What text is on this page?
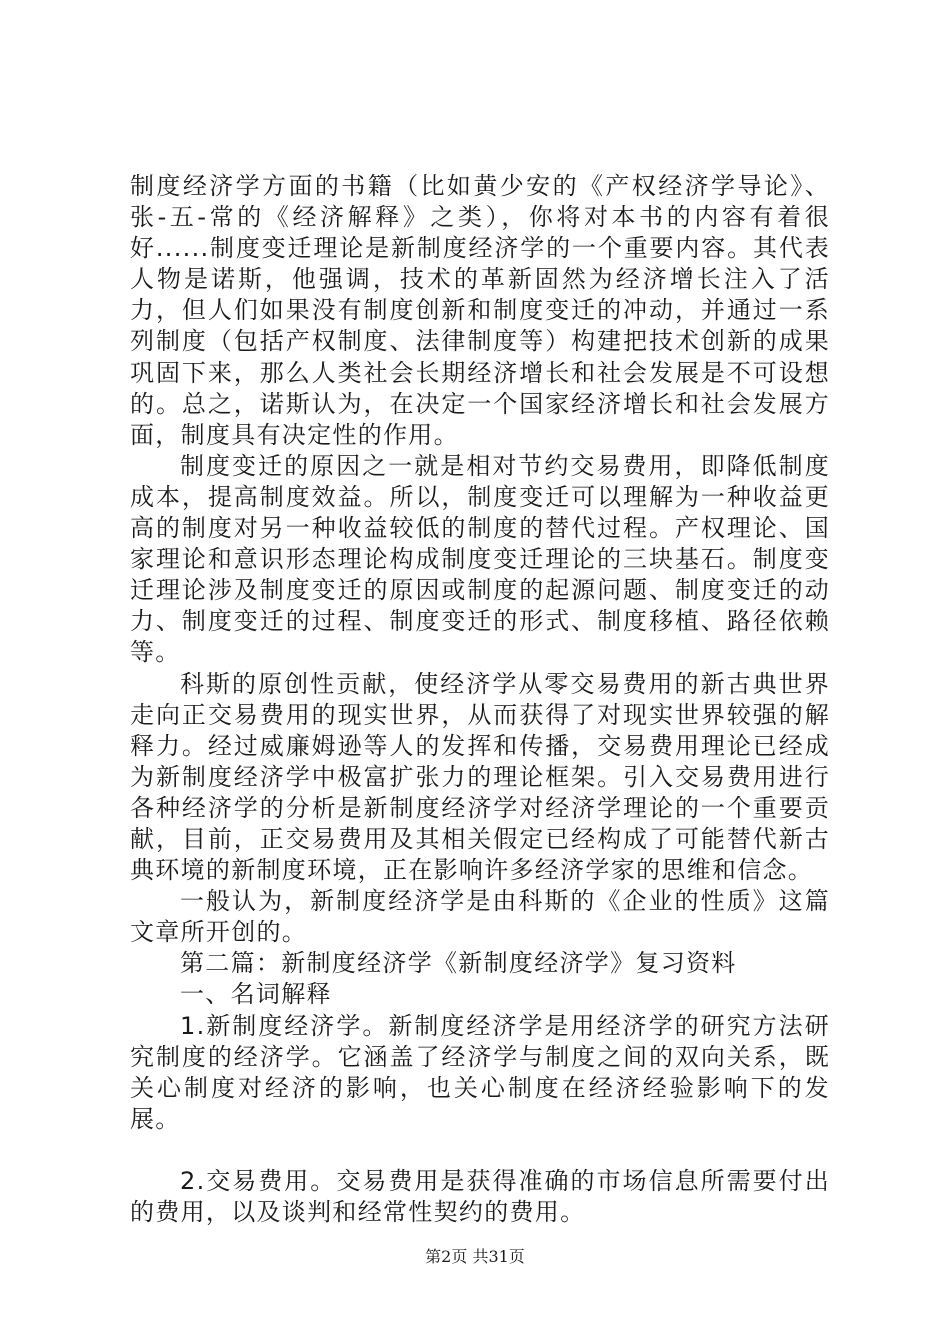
制度经济学方面的书籍（比如黄少安的《产权经济学导论》、张-五-常的《经济解释》之类），你将对本书的内容有着很好......制度变迁理论是新制度经济学的一个重要内容。其代表人物是诺斯，他强调，技术的革新固然为经济增长注入了活力，但人们如果没有制度创新和制度变迁的冲动，并通过一系列制度（包括产权制度、法律制度等）构建把技术创新的成果巩固下来，那么人类社会长期经济增长和社会发展是不可设想的。总之，诺斯认为，在决定一个国家经济增长和社会发展方面，制度具有决定性的作用。

制度变迁的原因之一就是相对节约交易费用，即降低制度成本，提高制度效益。所以，制度变迁可以理解为一种收益更高的制度对另一种收益较低的制度的替代过程。产权理论、国家理论和意识形态理论构成制度变迁理论的三块基石。制度变迁理论涉及制度变迁的原因或制度的起源问题、制度变迁的动力、制度变迁的过程、制度变迁的形式、制度移植、路径依赖等。

科斯的原创性贡献，使经济学从零交易费用的新古典世界走向正交易费用的现实世界，从而获得了对现实世界较强的解释力。经过威廉姆逊等人的发挥和传播，交易费用理论已经成为新制度经济学中极富扩张力的理论框架。引入交易费用进行各种经济学的分析是新制度经济学对经济学理论的一个重要贡献，目前，正交易费用及其相关假定已经构成了可能替代新古典环境的新制度环境，正在影响许多经济学家的思维和信念。

一般认为，新制度经济学是由科斯的《企业的性质》这篇文章所开创的。

第二篇：新制度经济学《新制度经济学》复习资料

一、名词解释

1.新制度经济学。新制度经济学是用经济学的研究方法研究制度的经济学。它涵盖了经济学与制度之间的双向关系，既关心制度对经济的影响，也关心制度在经济经验影响下的发展。

2.交易费用。交易费用是获得准确的市场信息所需要付出的费用，以及谈判和经常性契约的费用。

第2页 共31页
